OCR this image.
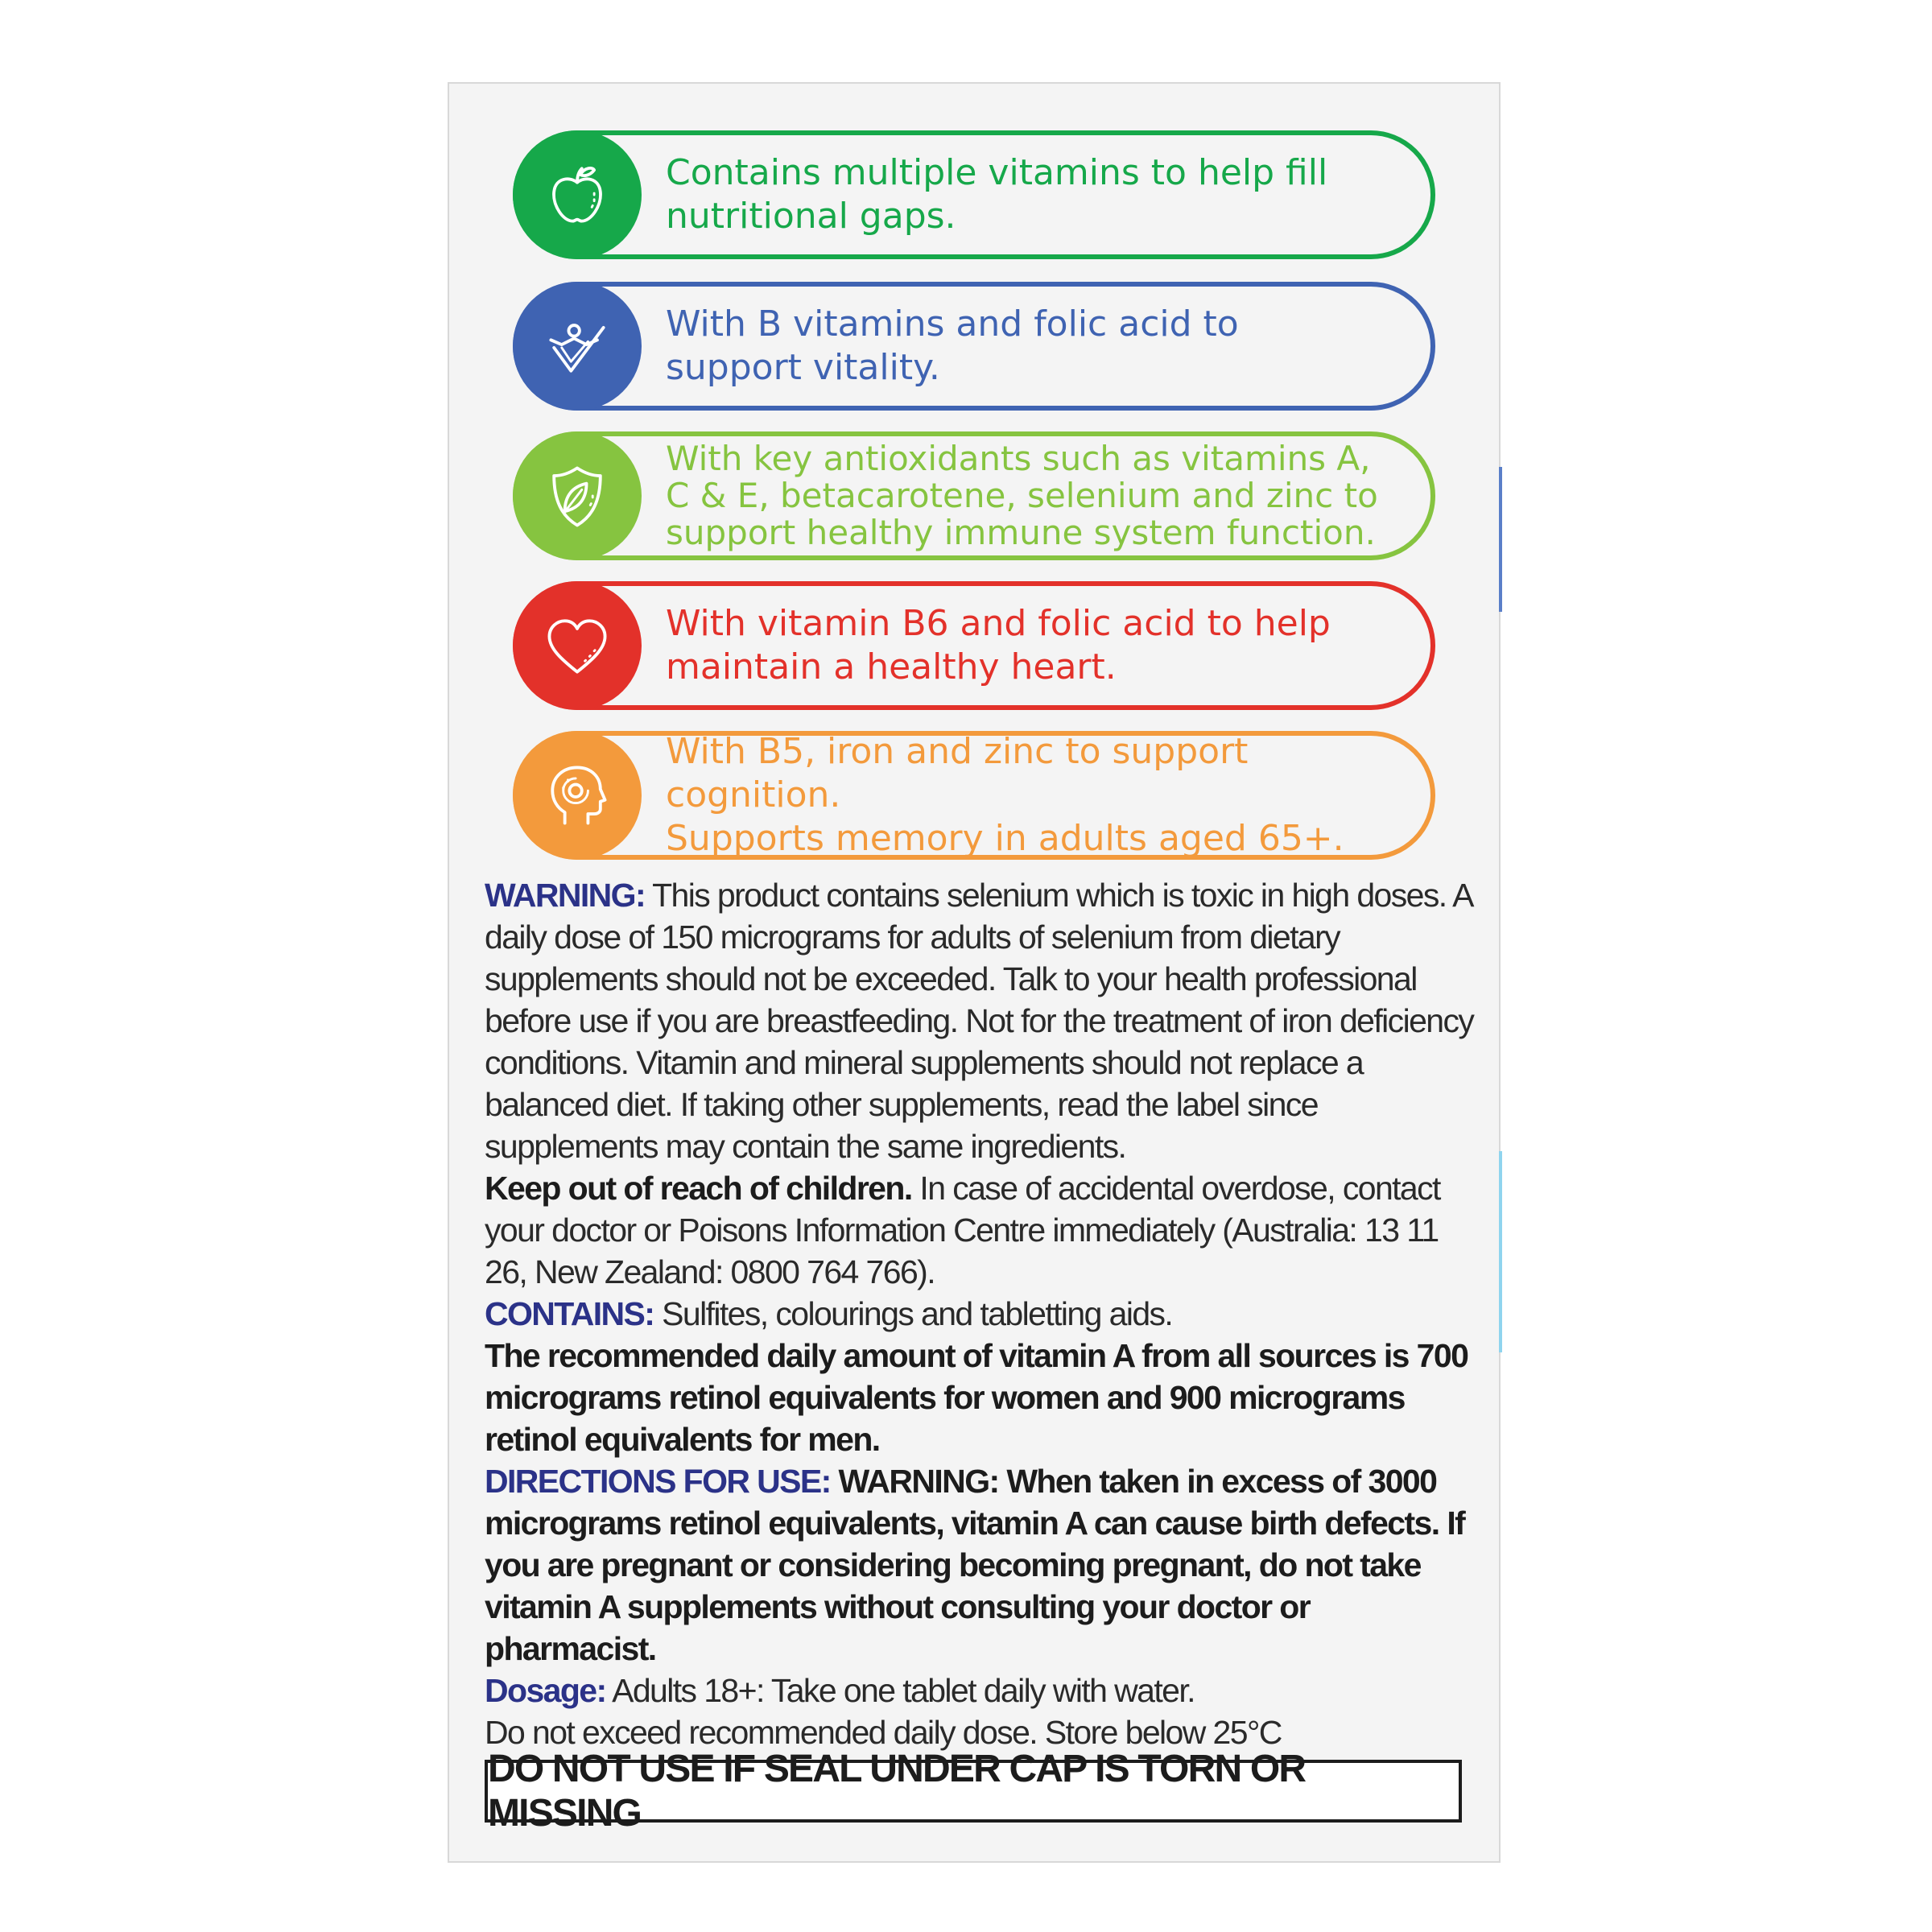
Contains multiple vitamins to help fill
nutritional gaps.
With B vitamins and folic acid to
support vitality.
With key antioxidants such as vitamins A,
C & E, betacarotene, selenium and zinc to
support healthy immune system function.
With vitamin B6 and folic acid to help
maintain a healthy heart.
With B5, iron and zinc to support cognition.
Supports memory in adults aged 65+.

WARNING: This product contains selenium which is toxic in high doses. A daily dose of 150 micrograms for adults of selenium from dietary supplements should not be exceeded. Talk to your health professional before use if you are breastfeeding. Not for the treatment of iron deficiency conditions. Vitamin and mineral supplements should not replace a balanced diet. If taking other supplements, read the label since supplements may contain the same ingredients.

Keep out of reach of children. In case of accidental overdose, contact your doctor or Poisons Information Centre immediately (Australia: 13 11 26, New Zealand: 0800 764 766).

CONTAINS: Sulfites, colourings and tabletting aids.

The recommended daily amount of vitamin A from all sources is 700 micrograms retinol equivalents for women and 900 micrograms retinol equivalents for men.

DIRECTIONS FOR USE: WARNING: When taken in excess of 3000 micrograms retinol equivalents, vitamin A can cause birth defects. If you are pregnant or considering becoming pregnant, do not take vitamin A supplements without consulting your doctor or pharmacist.

Dosage: Adults 18+: Take one tablet daily with water.

Do not exceed recommended daily dose. Store below 25°C

DO NOT USE IF SEAL UNDER CAP IS TORN OR MISSING
